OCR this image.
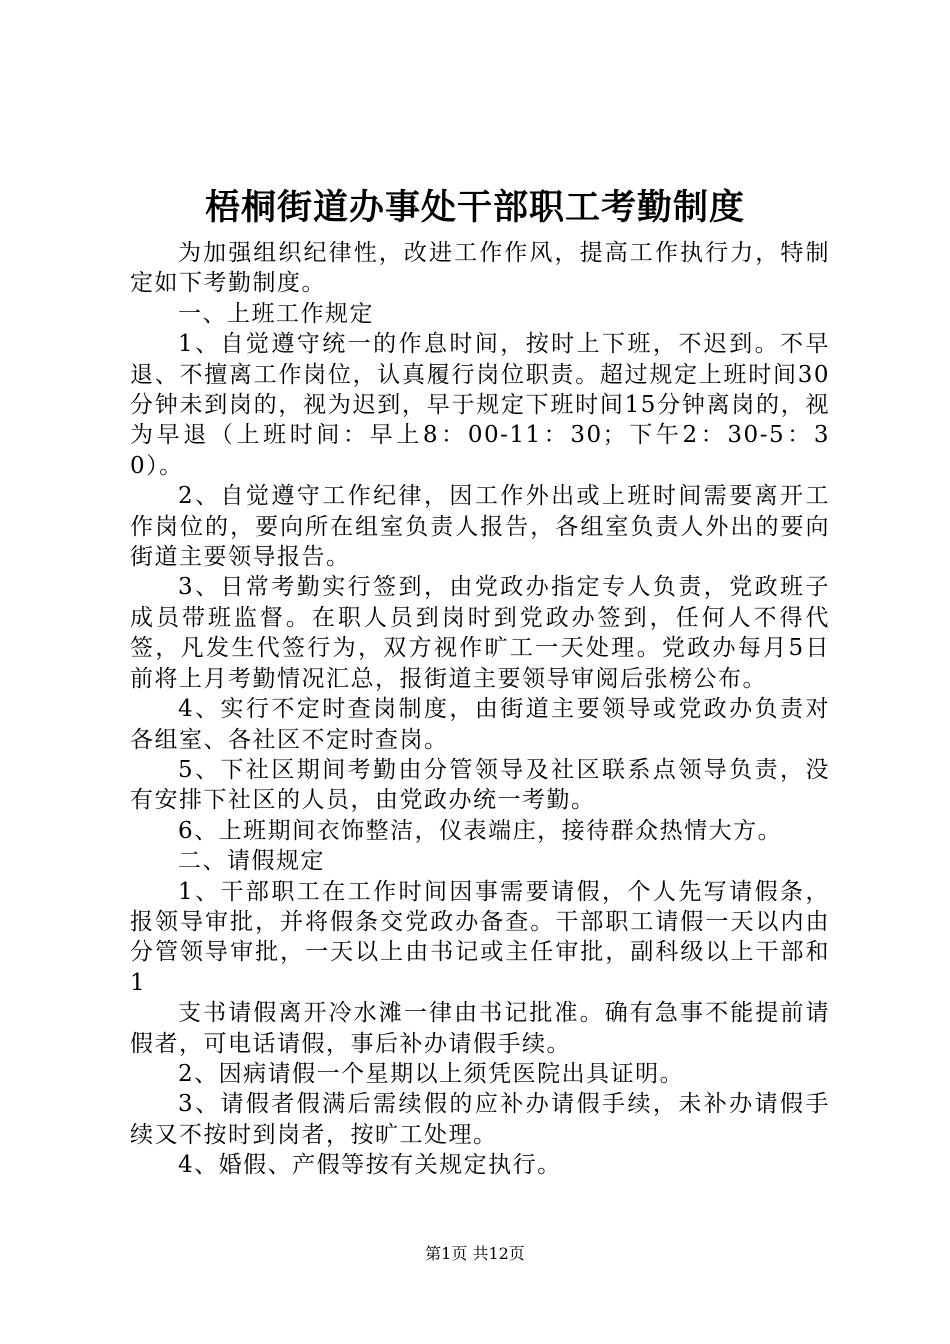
梧桐街道办事处干部职工考勤制度

为加强组织纪律性，改进工作作风，提高工作执行力，特制定如下考勤制度。

一、上班工作规定

1、自觉遵守统一的作息时间，按时上下班，不迟到。不早退、不擅离工作岗位，认真履行岗位职责。超过规定上班时间30分钟未到岗的，视为迟到，早于规定下班时间15分钟离岗的，视为早退（上班时间：早上8：00-11：30；下午2：30-5：30）。

2、自觉遵守工作纪律，因工作外出或上班时间需要离开工作岗位的，要向所在组室负责人报告，各组室负责人外出的要向街道主要领导报告。

3、日常考勤实行签到，由党政办指定专人负责，党政班子成员带班监督。在职人员到岗时到党政办签到，任何人不得代签，凡发生代签行为，双方视作旷工一天处理。党政办每月5日前将上月考勤情况汇总，报街道主要领导审阅后张榜公布。

4、实行不定时查岗制度，由街道主要领导或党政办负责对各组室、各社区不定时查岗。

5、下社区期间考勤由分管领导及社区联系点领导负责，没有安排下社区的人员，由党政办统一考勤。

6、上班期间衣饰整洁，仪表端庄，接待群众热情大方。

二、请假规定

1、干部职工在工作时间因事需要请假，个人先写请假条，报领导审批，并将假条交党政办备查。干部职工请假一天以内由分管领导审批，一天以上由书记或主任审批，副科级以上干部和1

支书请假离开冷水滩一律由书记批准。确有急事不能提前请假者，可电话请假，事后补办请假手续。

2、因病请假一个星期以上须凭医院出具证明。

3、请假者假满后需续假的应补办请假手续，未补办请假手续又不按时到岗者，按旷工处理。

4、婚假、产假等按有关规定执行。

第1页 共12页
